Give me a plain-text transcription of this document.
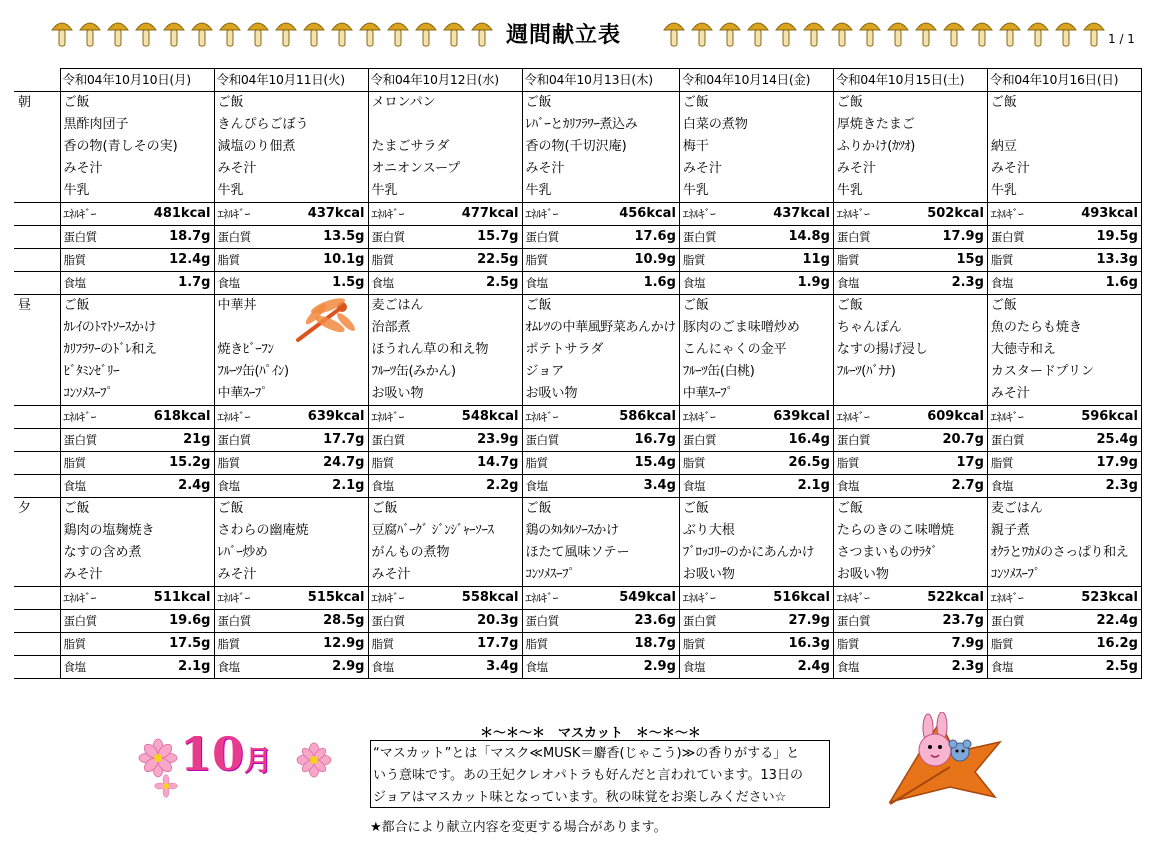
週間献立表	1 / 1
	令和04年10月10日(月)	令和04年10月11日(火)	令和04年10月12日(水)	令和04年10月13日(木)	令和04年10月14日(金)	令和04年10月15日(土)	令和04年10月16日(日)
朝	ご飯	ご飯	メロンパン	ご飯	ご飯	ご飯	ご飯
	黒酢肉団子	きんぴらごぼう		ﾚﾊﾞｰとｶﾘﾌﾗﾜｰ煮込み	白菜の煮物	厚焼きたまご	
	香の物(青しその実)	減塩のり佃煮	たまごサラダ	香の物(千切沢庵)	梅干	ふりかけ(ｶﾂｵ)	納豆
	みそ汁	みそ汁	オニオンスープ	みそ汁	みそ汁	みそ汁	みそ汁
	牛乳	牛乳	牛乳	牛乳	牛乳	牛乳	牛乳

	ｴﾈﾙｷﾞｰ 481kcal	ｴﾈﾙｷﾞｰ 437kcal	ｴﾈﾙｷﾞｰ 477kcal	ｴﾈﾙｷﾞｰ 456kcal	ｴﾈﾙｷﾞｰ 437kcal	ｴﾈﾙｷﾞｰ 502kcal	ｴﾈﾙｷﾞｰ 493kcal

	蛋白質 18.7g	蛋白質 13.5g	蛋白質 15.7g	蛋白質 17.6g	蛋白質 14.8g	蛋白質 17.9g	蛋白質 19.5g

	脂質 12.4g	脂質 10.1g	脂質 22.5g	脂質 10.9g	脂質 11g	脂質 15g	脂質 13.3g

	食塩 1.7g	食塩 1.5g	食塩 2.5g	食塩 1.6g	食塩 1.9g	食塩 2.3g	食塩 1.6g

昼	ご飯	中華丼	麦ごはん	ご飯	ご飯	ご飯	ご飯
	ｶﾚｲのﾄﾏﾄｿｰｽかけ		治部煮	ｵﾑﾚﾂの中華風野菜あんかけ	豚肉のごま味噌炒め	ちゃんぽん	魚のたらも焼き
	ｶﾘﾌﾗﾜｰのﾄﾞﾚ和え	焼きﾋﾞｰﾌﾝ	ほうれん草の和え物	ポテトサラダ	こんにゃくの金平	なすの揚げ浸し	大徳寺和え
	ﾋﾞﾀﾐﾝｾﾞﾘｰ	ﾌﾙｰﾂ缶(ﾊﾟｲﾝ)	ﾌﾙｰﾂ缶(みかん)	ジョア	ﾌﾙｰﾂ缶(白桃)	ﾌﾙｰﾂ(ﾊﾞﾅﾅ)	カスタードプリン
	ｺﾝｿﾒｽｰﾌﾟ	中華ｽｰﾌﾟ	お吸い物	お吸い物	中華ｽｰﾌﾟ		みそ汁

	ｴﾈﾙｷﾞｰ 618kcal	ｴﾈﾙｷﾞｰ 639kcal	ｴﾈﾙｷﾞｰ 548kcal	ｴﾈﾙｷﾞｰ 586kcal	ｴﾈﾙｷﾞｰ 639kcal	ｴﾈﾙｷﾞｰ 609kcal	ｴﾈﾙｷﾞｰ 596kcal

	蛋白質 21g	蛋白質 17.7g	蛋白質 23.9g	蛋白質 16.7g	蛋白質 16.4g	蛋白質 20.7g	蛋白質 25.4g

	脂質 15.2g	脂質 24.7g	脂質 14.7g	脂質 15.4g	脂質 26.5g	脂質 17g	脂質 17.9g

	食塩 2.4g	食塩 2.1g	食塩 2.2g	食塩 3.4g	食塩 2.1g	食塩 2.7g	食塩 2.3g

夕	ご飯	ご飯	ご飯	ご飯	ご飯	ご飯	麦ごはん
	鶏肉の塩麹焼き	さわらの幽庵焼	豆腐ﾊﾞｰｸﾞ ｼﾞﾝｼﾞｬｰｿｰｽ	鶏のﾀﾙﾀﾙｿｰｽかけ	ぶり大根	たらのきのこ味噌焼	親子煮
	なすの含め煮	ﾚﾊﾞｰ炒め	がんもの煮物	ほたて風味ソテー	ﾌﾞﾛｯｺﾘｰのかにあんかけ	さつまいものｻﾗﾀﾞ	ｵｸﾗとﾜｶﾒのさっぱり和え
	みそ汁	みそ汁	みそ汁	ｺﾝｿﾒｽｰﾌﾟ	お吸い物	お吸い物	ｺﾝｿﾒｽｰﾌﾟ

	ｴﾈﾙｷﾞｰ 511kcal	ｴﾈﾙｷﾞｰ 515kcal	ｴﾈﾙｷﾞｰ 558kcal	ｴﾈﾙｷﾞｰ 549kcal	ｴﾈﾙｷﾞｰ 516kcal	ｴﾈﾙｷﾞｰ 522kcal	ｴﾈﾙｷﾞｰ 523kcal

	蛋白質 19.6g	蛋白質 28.5g	蛋白質 20.3g	蛋白質 23.6g	蛋白質 27.9g	蛋白質 23.7g	蛋白質 22.4g

	脂質 17.5g	脂質 12.9g	脂質 17.7g	脂質 18.7g	脂質 16.3g	脂質 7.9g	脂質 16.2g

	食塩 2.1g	食塩 2.9g	食塩 3.4g	食塩 2.9g	食塩 2.4g	食塩 2.3g	食塩 2.5g
10月
＊～＊～＊　マスカット　＊～＊～＊
“マスカット”とは「マスク≪MUSK＝麝香(じゃこう)≫の香りがする」と
いう意味です。あの王妃クレオパトラも好んだと言われています。13日の
ジョアはマスカット味となっています。秋の味覚をお楽しみください☆
★都合により献立内容を変更する場合があります。
